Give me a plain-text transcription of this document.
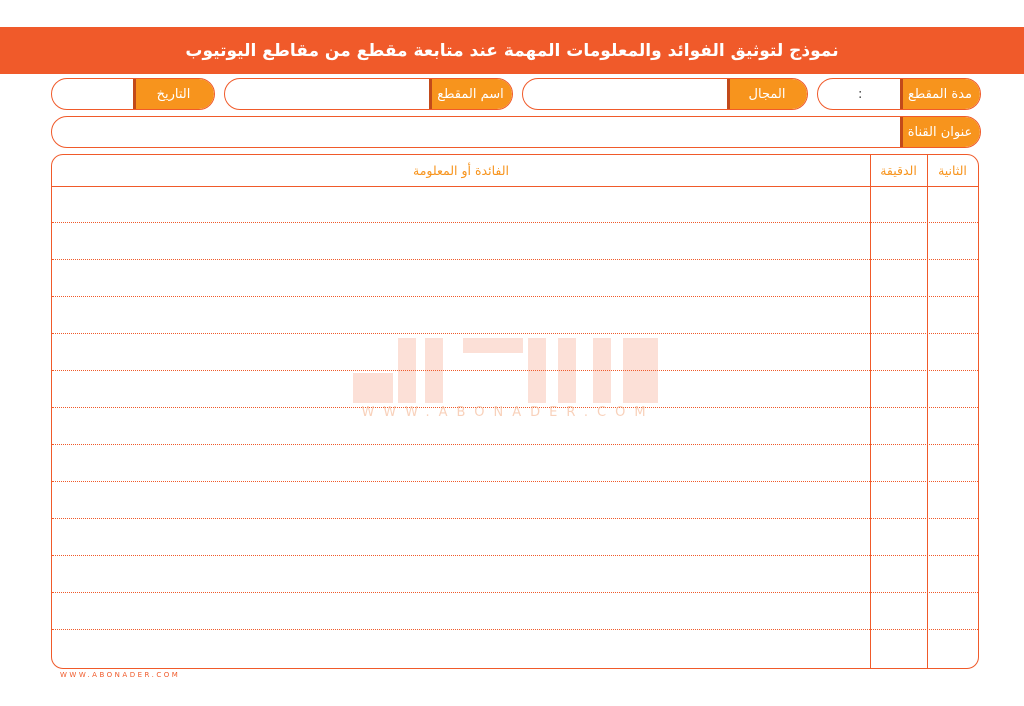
نموذج لتوثيق الفوائد والمعلومات المهمة عند متابعة مقطع من مقاطع اليوتيوب
مدة المقطع
:
المجال
اسم المقطع
التاريخ
عنوان القناة
الثانية
الدقيقة
الفائدة أو المعلومة
WWW.ABONADER.COM
WWW.ABONADER.COM
